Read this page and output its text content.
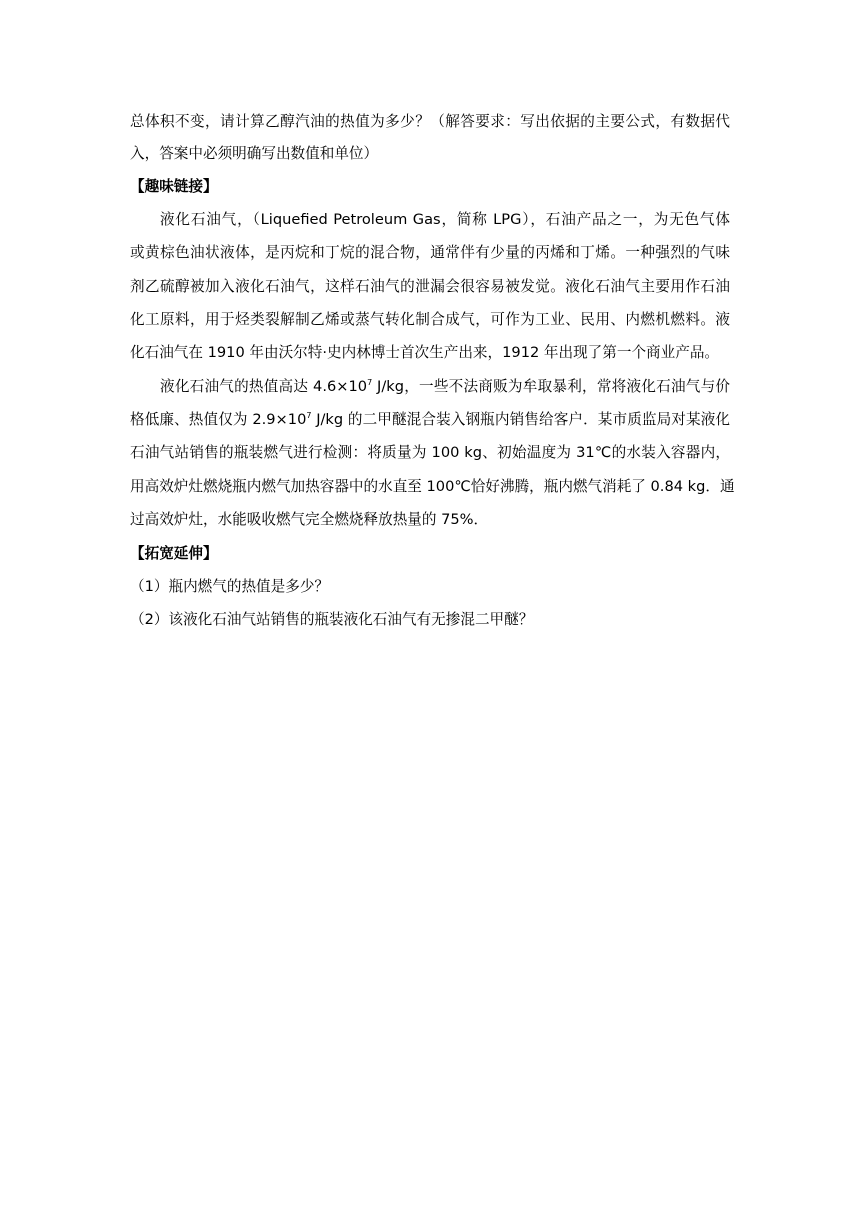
总体积不变，请计算乙醇汽油的热值为多少？（解答要求：写出依据的主要公式，有数据代
入，答案中必须明确写出数值和单位）
【趣味链接】
液化石油气，（Liquefied Petroleum Gas，简称 LPG），石油产品之一，为无色气体
或黄棕色油状液体，是丙烷和丁烷的混合物，通常伴有少量的丙烯和丁烯。一种强烈的气味
剂乙硫醇被加入液化石油气，这样石油气的泄漏会很容易被发觉。液化石油气主要用作石油
化工原料，用于烃类裂解制乙烯或蒸气转化制合成气，可作为工业、民用、内燃机燃料。液
化石油气在 1910 年由沃尔特·史内林博士首次生产出来，1912 年出现了第一个商业产品。
液化石油气的热值高达 $4.6\times 10^7$ J/kg，一些不法商贩为牟取暴利，常将液化石油气与价
格低廉、热值仅为 $2.9\times 10^7$ J/kg 的二甲醚混合装入钢瓶内销售给客户．某市质监局对某液化
石油气站销售的瓶装燃气进行检测：将质量为 100 kg、初始温度为 31℃的水装入容器内，
用高效炉灶燃烧瓶内燃气加热容器中的水直至 100℃恰好沸腾，瓶内燃气消耗了 0.84 kg．通
过高效炉灶，水能吸收燃气完全燃烧释放热量的 75%．
【拓宽延伸】
（1）瓶内燃气的热值是多少？
（2）该液化石油气站销售的瓶装液化石油气有无掺混二甲醚？
